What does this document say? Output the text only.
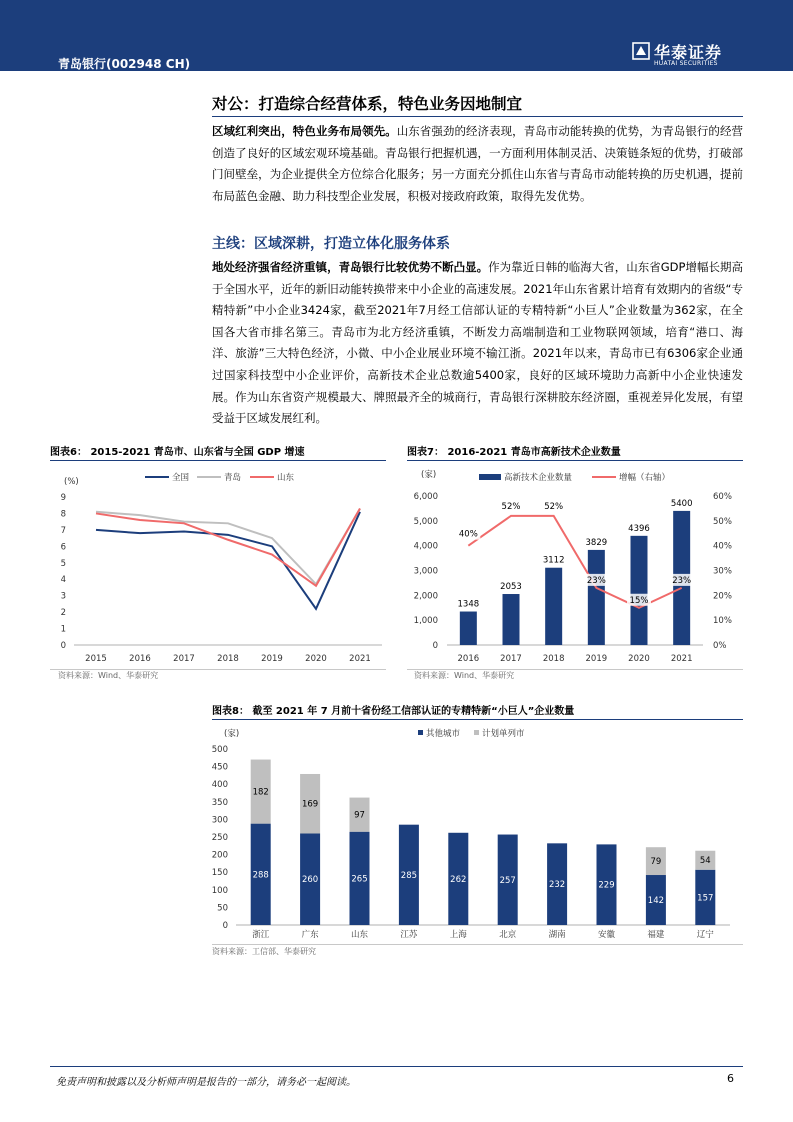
青岛银行(002948 CH)
华泰证券
HUATAI SECURITIES
对公：打造综合经营体系，特色业务因地制宜
区域红利突出，特色业务布局领先。山东省强劲的经济表现，青岛市动能转换的优势，为青岛银行的经营创造了良好的区域宏观环境基础。青岛银行把握机遇，一方面利用体制灵活、决策链条短的优势，打破部门间壁垒，为企业提供全方位综合化服务；另一方面充分抓住山东省与青岛市动能转换的历史机遇，提前布局蓝色金融、助力科技型企业发展，积极对接政府政策，取得先发优势。
主线：区域深耕，打造立体化服务体系
地处经济强省经济重镇，青岛银行比较优势不断凸显。作为靠近日韩的临海大省，山东省GDP增幅长期高于全国水平，近年的新旧动能转换带来中小企业的高速发展。2021年山东省累计培育有效期内的省级“专精特新”中小企业3424家，截至2021年7月经工信部认证的专精特新“小巨人”企业数量为362家，在全国各大省市排名第三。青岛市为北方经济重镇，不断发力高端制造和工业物联网领域，培育“港口、海洋、旅游”三大特色经济，小微、中小企业展业环境不输江浙。2021年以来，青岛市已有6306家企业通过国家科技型中小企业评价，高新技术企业总数逾5400家，良好的区域环境助力高新中小企业快速发展。作为山东省资产规模最大、牌照最齐全的城商行，青岛银行深耕胶东经济圈，重视差异化发展，有望受益于区域发展红利。
图表6： 2015-2021 青岛市、山东省与全国 GDP 增速
(%)
0
1
2
3
4
5
6
7
8
9
2015	2016	2017	2018	2019	2020	2021
全国	青岛	山东
资料来源：Wind、华泰研究
图表7： 2016-2021 青岛市高新技术企业数量
(家)
0
1,000
2,000
3,000
4,000
5,000
6,000
0%
10%
20%
30%
40%
50%
60%
高新技术企业数量	增幅（右轴）
1348
2016
2053
2017
3112
2018
3829
2019
4396
2020
5400
2021
40%
52%	52%
23%
15%
23%
资料来源：Wind、华泰研究
图表8： 截至 2021 年 7 月前十省份经工信部认证的专精特新“小巨人”企业数量
(家)
0
50
100
150
200
250
300
350
400
450
500
其他城市	计划单列市
288
182
浙江
260
169
广东
265
97
山东
285
江苏
262
上海
257
北京
232
湖南
229
安徽
142
79
福建
157
54
辽宁
资料来源：工信部、华泰研究
免责声明和披露以及分析师声明是报告的一部分，请务必一起阅读。	6
